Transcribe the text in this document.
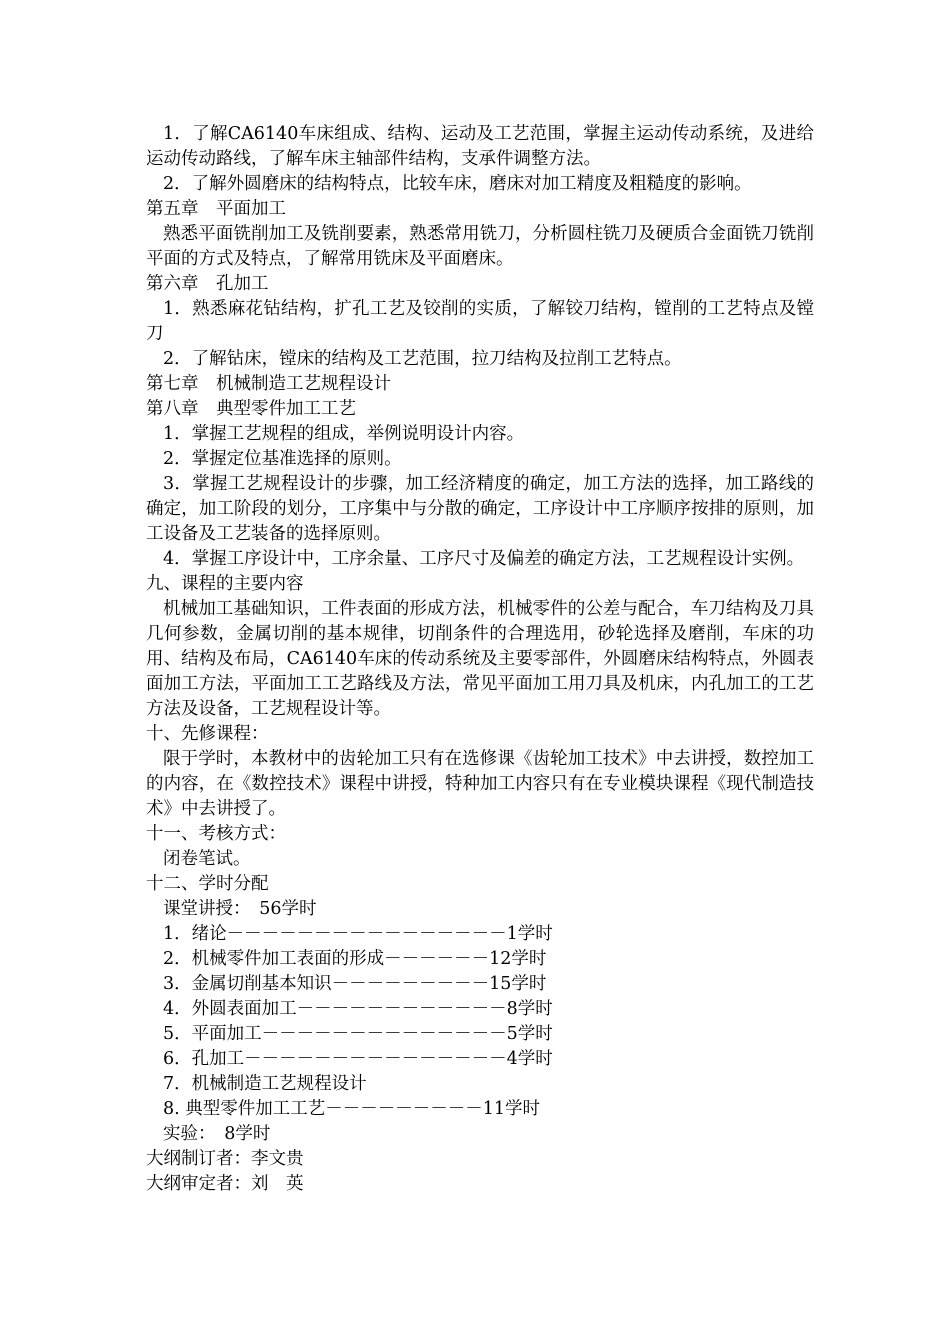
1．了解CA6140车床组成、结构、运动及工艺范围，掌握主运动传动系统，及进给运动传动路线，了解车床主轴部件结构，支承件调整方法。

2．了解外圆磨床的结构特点，比较车床，磨床对加工精度及粗糙度的影响。

第五章　平面加工

熟悉平面铣削加工及铣削要素，熟悉常用铣刀，分析圆柱铣刀及硬质合金面铣刀铣削平面的方式及特点，了解常用铣床及平面磨床。

第六章　孔加工

1．熟悉麻花钻结构，扩孔工艺及铰削的实质，了解铰刀结构，镗削的工艺特点及镗刀

2．了解钻床，镗床的结构及工艺范围，拉刀结构及拉削工艺特点。

第七章　机械制造工艺规程设计

第八章　典型零件加工工艺

1．掌握工艺规程的组成，举例说明设计内容。

2．掌握定位基准选择的原则。

3．掌握工艺规程设计的步骤，加工经济精度的确定，加工方法的选择，加工路线的确定，加工阶段的划分，工序集中与分散的确定，工序设计中工序顺序按排的原则，加工设备及工艺装备的选择原则。

4．掌握工序设计中，工序余量、工序尺寸及偏差的确定方法，工艺规程设计实例。

九、课程的主要内容

机械加工基础知识，工件表面的形成方法，机械零件的公差与配合，车刀结构及刀具几何参数，金属切削的基本规律，切削条件的合理选用，砂轮选择及磨削，车床的功用、结构及布局，CA6140车床的传动系统及主要零部件，外圆磨床结构特点，外圆表面加工方法，平面加工工艺路线及方法，常见平面加工用刀具及机床，内孔加工的工艺方法及设备，工艺规程设计等。

十、先修课程：

限于学时，本教材中的齿轮加工只有在选修课《齿轮加工技术》中去讲授，数控加工的内容，在《数控技术》课程中讲授，特种加工内容只有在专业模块课程《现代制造技术》中去讲授了。

十一、考核方式：

闭卷笔试。

十二、学时分配

课堂讲授：　56学时

1．绪论－－－－－－－－－－－－－－－－1学时

2．机械零件加工表面的形成－－－－－－12学时

3．金属切削基本知识－－－－－－－－－15学时

4．外圆表面加工－－－－－－－－－－－－8学时

5．平面加工－－－－－－－－－－－－－－5学时

6．孔加工－－－－－－－－－－－－－－－4学时

7．机械制造工艺规程设计

8. 典型零件加工工艺－－－－－－－－－11学时

实验：　8学时

大纲制订者：李文贵

大纲审定者：刘　英
